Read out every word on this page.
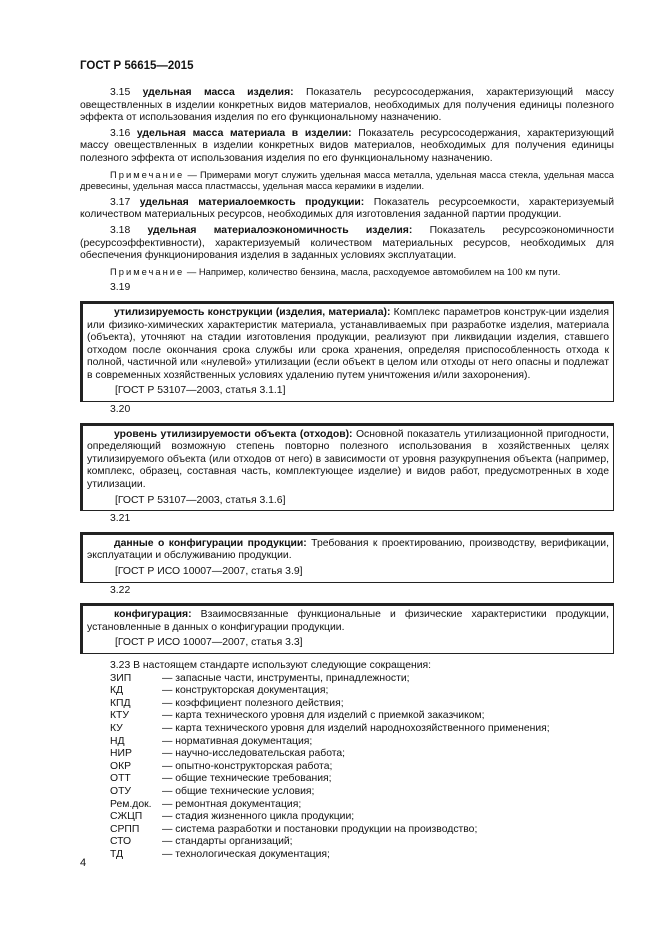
ГОСТ Р 56615—2015

3.15 удельная масса изделия: Показатель ресурсосодержания, характеризующий массу овеществленных в изделии конкретных видов материалов, необходимых для получения единицы полезного эффекта от использования изделия по его функциональному назначению.

3.16 удельная масса материала в изделии: Показатель ресурсосодержания, характеризующий массу овеществленных в изделии конкретных видов материалов, необходимых для получения единицы полезного эффекта от использования изделия по его функциональному назначению.

Примечание — Примерами могут служить удельная масса металла, удельная масса стекла, удельная масса древесины, удельная масса пластмассы, удельная масса керамики в изделии.

3.17 удельная материалоемкость продукции: Показатель ресурсоемкости, характеризуемый количеством материальных ресурсов, необходимых для изготовления заданной партии продукции.

3.18 удельная материалоэкономичность изделия: Показатель ресурсоэкономичности (ресурсоэффективности), характеризуемый количеством материальных ресурсов, необходимых для обеспечения функционирования изделия в заданных условиях эксплуатации.

Примечание — Например, количество бензина, масла, расходуемое автомобилем на 100 км пути.

3.19

утилизируемость конструкции (изделия, материала): Комплекс параметров конструк-ции изделия или физико-химических характеристик материала, устанавливаемых при разработке изделия, материала (объекта), уточняют на стадии изготовления продукции, реализуют при ликвидации изделия, ставшего отходом после окончания срока службы или срока хранения, определяя приспособленность отхода к полной, частичной или «нулевой» утилизации (если объект в целом или отходы от него опасны и подлежат в современных хозяйственных условиях удалению путем уничтожения и/или захоронения).

[ГОСТ Р 53107—2003, статья 3.1.1]
3.20

уровень утилизируемости объекта (отходов): Основной показатель утилизационной пригодности, определяющий возможную степень повторно полезного использования в хозяйственных целях утилизируемого объекта (или отходов от него) в зависимости от уровня разукрупнения объекта (например, комплекс, образец, составная часть, комплектующее изделие) и видов работ, предусмотренных в ходе утилизации.

[ГОСТ Р 53107—2003, статья 3.1.6]
3.21

данные о конфигурации продукции: Требования к проектированию, производству, верификации, эксплуатации и обслуживанию продукции.

[ГОСТ Р ИСО 10007—2007, статья 3.9]
3.22

конфигурация: Взаимосвязанные функциональные и физические характеристики продукции, установленные в данных о конфигурации продукции.

[ГОСТ Р ИСО 10007—2007, статья 3.3]

3.23 В настоящем стандарте используют следующие сокращения:

ЗИП	— запасные части, инструменты, принадлежности;
КД	— конструкторская документация;
КПД	— коэффициент полезного действия;
КТУ	— карта технического уровня для изделий с приемкой заказчиком;
КУ	— карта технического уровня для изделий народнохозяйственного применения;
НД	— нормативная документация;
НИР	— научно-исследовательская работа;
ОКР	— опытно-конструкторская работа;
ОТТ	— общие технические требования;
ОТУ	— общие технические условия;
Рем.док.	— ремонтная документация;
СЖЦП	— стадия жизненного цикла продукции;
СРПП	— система разработки и постановки продукции на производство;
СТО	— стандарты организаций;
ТД	— технологическая документация;
4
